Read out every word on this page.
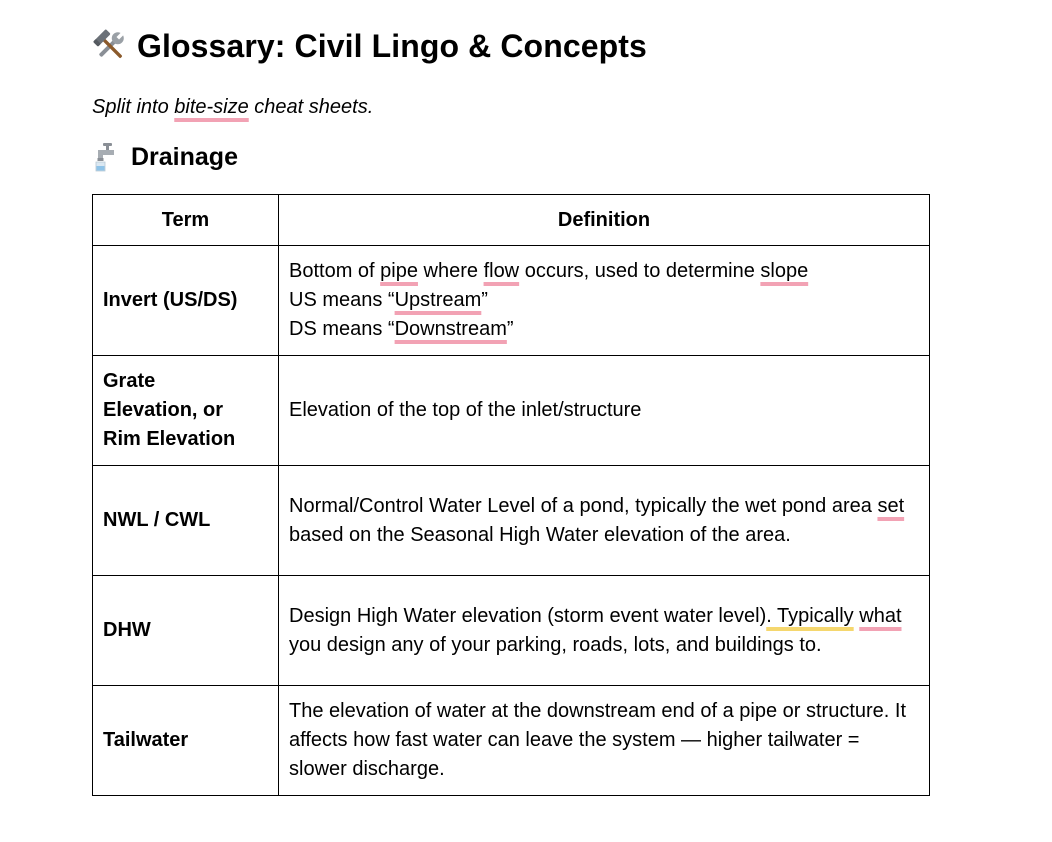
Glossary: Civil Lingo & Concepts
Split into bite-size cheat sheets.
Drainage
Term	Definition
Invert (US/DS)	Bottom of pipe where flow occurs, used to determine slope
US means “Upstream”
DS means “Downstream”

Grate
Elevation, or
Rim Elevation	Elevation of the top of the inlet/structure
NWL / CWL	Normal/Control Water Level of a pond, typically the wet pond area set based on the Seasonal High Water elevation of the area.
DHW	Design High Water elevation (storm event water level). Typically what you design any of your parking, roads, lots, and buildings to.
Tailwater	The elevation of water at the downstream end of a pipe or structure. It affects how fast water can leave the system — higher tailwater = slower discharge.
